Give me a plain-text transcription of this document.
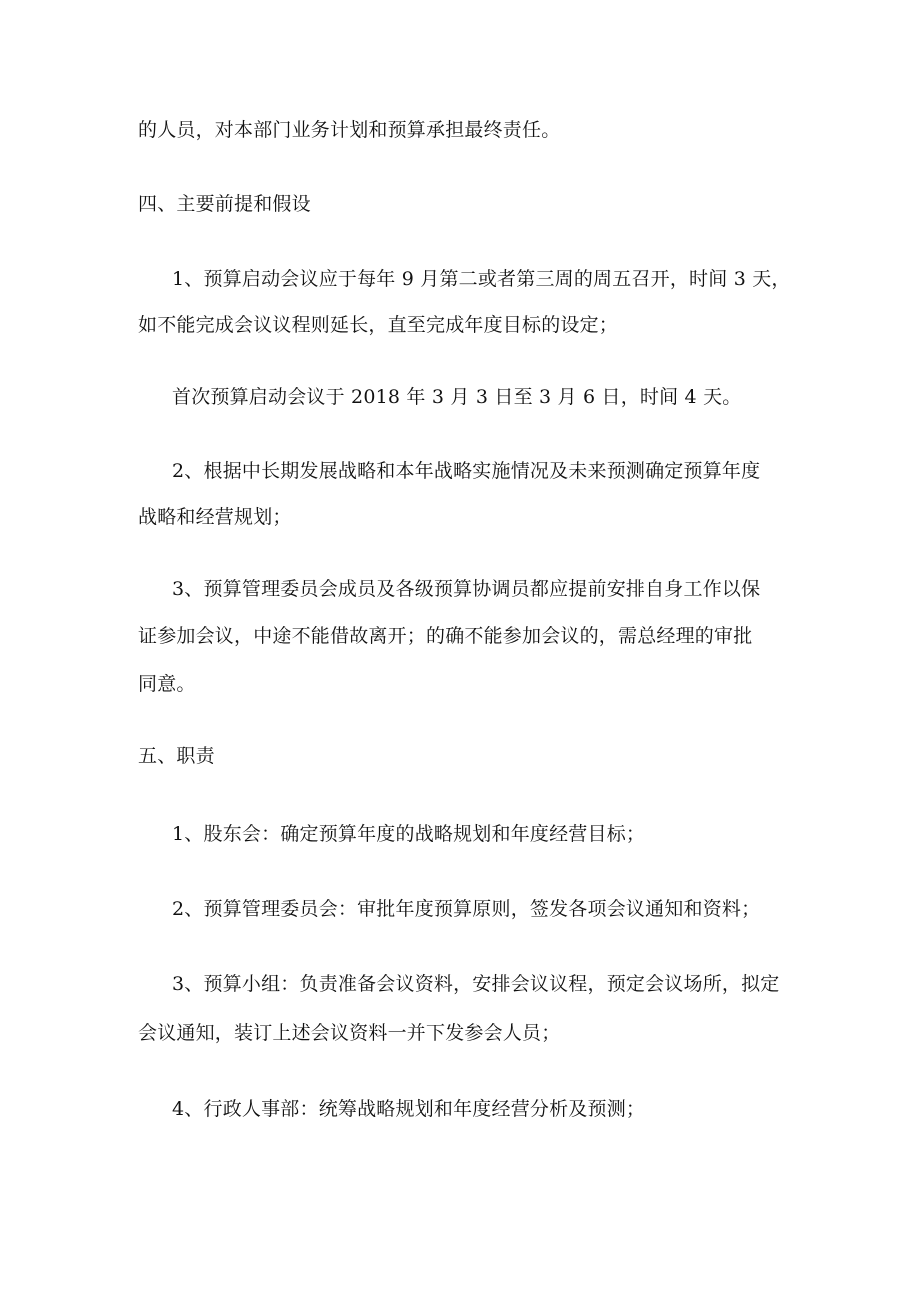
的人员，对本部门业务计划和预算承担最终责任。
四、主要前提和假设
1、预算启动会议应于每年 9 月第二或者第三周的周五召开，时间 3 天，
如不能完成会议议程则延长，直至完成年度目标的设定；
首次预算启动会议于 2018 年 3 月 3 日至 3 月 6 日，时间 4 天。
2、根据中长期发展战略和本年战略实施情况及未来预测确定预算年度
战略和经营规划；
3、预算管理委员会成员及各级预算协调员都应提前安排自身工作以保
证参加会议，中途不能借故离开；的确不能参加会议的，需总经理的审批
同意。
五、职责
1、股东会：确定预算年度的战略规划和年度经营目标；
2、预算管理委员会：审批年度预算原则，签发各项会议通知和资料；
3、预算小组：负责准备会议资料，安排会议议程，预定会议场所，拟定
会议通知，装订上述会议资料一并下发参会人员；
4、行政人事部：统筹战略规划和年度经营分析及预测；
